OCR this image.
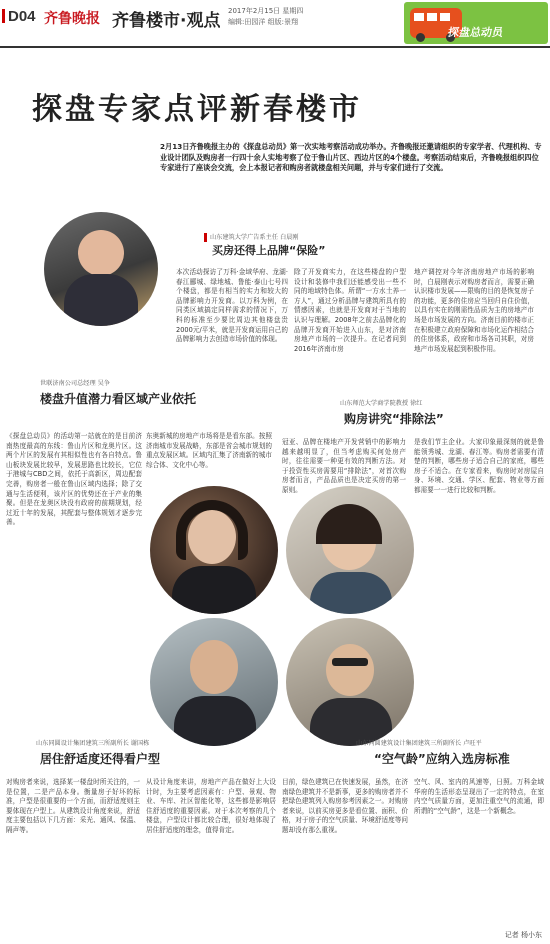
D04 齐鲁晚报 齐鲁楼市·观点 2017年2月15日 星期四
编辑:田园洋 组版:景翔
探盘总动员
探盘专家点评新春楼市
2月13日齐鲁晚报主办的《探盘总动员》第一次实地考察活动成功举办。齐鲁晚报还邀请组织的专家学者、代理机构、专业设计团队及购房者一行四十余人实地考察了位于鲁山片区、西边片区的4个楼盘。考察活动结束后，齐鲁晚报组织四位专家进行了座谈会交流，会上本报记者和购房者就楼盘相关问题，并与专家们进行了交流。
山东建筑大学广告系主任 白晨刚
买房还得上品牌“保险”
本次活动探访了万科·金域华府、龙湖·春江郦城、绿地城、鲁能·泰山七号四个楼盘，都是有相当的实力和较大的品牌影响力开发商。以万科为例，在同类区域搞定同样需求的情况下，万科的标准至少要比周边其他楼盘贵2000元/平米，就是开发商运用自己的品牌影响力去创造市场价值的体现。
除了开发商实力，在这些楼盘的户型设计和装修中我们还能感受出一些不同的地域特色体。所谓“一方水土养一方人”，通过分析品牌与建筑所具有的情感因素，也就是开发商对于当地的认识与理解。2008年之前去品牌化的品牌开发商开始进入山东，是对济南房地产市场的一次提升。在记者问到2016年济南市房
地产调控对今年济南房地产市场的影响时，白晨刚表示对购房者而言，需要正确认识楼市发展——限购的目的是恢复房子的功能，更多的住房应当回归自住价值，以具有实在的刚需性品质为主的房地产市场是市场发展的方向。济南目前的楼市正在积极建立政府保障和市场化运作相结合的住房体系，政府和市场各司其职，对房地产市场发展起到积极作用。
世联济南公司总经理 吴争
楼盘升值潜力看区域产业依托
《探盘总动员》的活动第一站就在的是目前济南热度最高的东线：鲁山片区和龙奥片区。这两个片区的发展有其相似性也有各自特点。鲁山板块发展比较早，发展思路也比较长，它位于港城与CBD之间，依托于高新区，周边配套完善，购房者一般在鲁山区域内选择；除了交通与生活便利，该片区的优势还在于产业的集聚。但是在龙奥区块没有政府的前期规划，经过近十年的发展，其配套与整体规划才逐步完善。
东奥新城的房地产市场将是是看东部。按照济南城市发展战略，东部是省会城市规划的重点发展区域。区域内汇集了济南新的城市综合体、文化中心等。
山东师范大学商学院教授 徐红
购房讲究“排除法”
冠亚、品牌在楼地产开发营销中的影响力越来越明显了，但当考虑购买何处房产时，往往需要一种更有效的判断方法。对于投资性买房需要用“排除法”，对首次购房者而言，产品品质也是决定买房的第一原则。
是我们节主企业。大家印象最深刻的就是鲁能领秀城、龙湖、春江等。购房者需要有清楚的判断，哪些房子适合自己的家庭，哪些房子不适合。在专家看来，购房时对房屋自身、环境、交通、学区、配套、物业等方面都需要一一进行比较和判断。
山东同圆设计集团建筑三所副所长 谢国栋
居住舒适度还得看户型
对购房者来说，选择某一楼盘时所关注的，一是位置，二是产品本身。衡量房子好坏的标准，户型是很重要的一个方面，而舒适度则主要体现在户型上。从建筑设计角度来说，舒适度主要包括以下几方面：采光、通风、保温、隔声等。
从设计角度来讲，房地产产品在做好上大设计时，为主要考虑因素有：户型、景观、物业、车库、社区智能化等，这些都是影响居住舒适度的重要因素。对于本次考察的几个楼盘，户型设计都比较合理，很好地体现了居住舒适度的理念，值得肯定。
山东同圆建筑设计集团建筑三所副所长 卢旺平
“空气龄”应纳入选房标准
目前，绿色建筑已在快速发展，虽然，在济南绿色建筑并不是新事，更多的购房者并不把绿色建筑列入购房参考因素之一。对购房者来说，以前买房更多是看位置、面积、价格，对于房子的空气质量、环境舒适度等问题却没有那么重视。
空气、风、室内的风速等，日照。万科金域华府的生活形态呈现出了一定的特点，在室内空气质量方面，更加注重空气的流通，即所谓的“空气龄”，这是一个新概念。
记者 杨小东
